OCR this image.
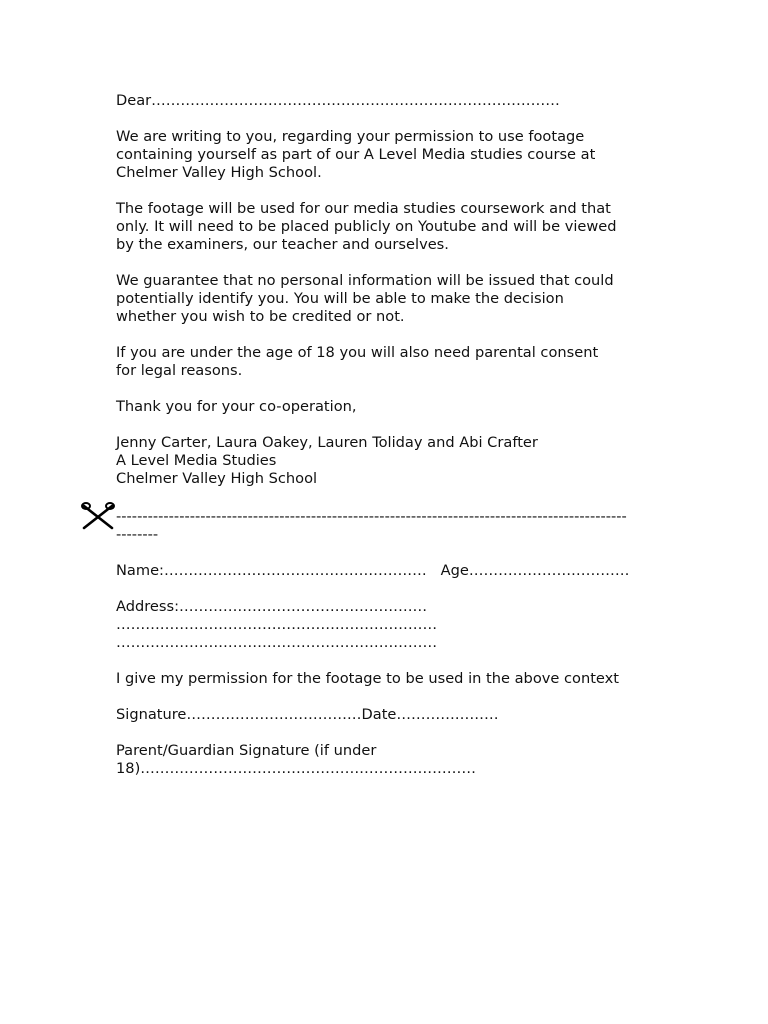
Dear…………………………………………………………………………
We are writing to you, regarding your permission to use footage
containing yourself as part of our A Level Media studies course at
Chelmer Valley High School.
The footage will be used for our media studies coursework and that
only. It will need to be placed publicly on Youtube and will be viewed
by the examiners, our teacher and ourselves.
We guarantee that no personal information will be issued that could
potentially identify you. You will be able to make the decision
whether you wish to be credited or not.
If you are under the age of 18 you will also need parental consent
for legal reasons.
Thank you for your co-operation,
Jenny Carter, Laura Oakey, Lauren Toliday and Abi Crafter
A Level Media Studies
Chelmer Valley High School
-------------------------------------------------------------------------------------------------
--------
Name:……………………………………………… Age……………………………
Address:……………………………………………
…………………………………………………………
…………………………………………………………
I give my permission for the footage to be used in the above context
Signature………………………………Date…………………
Parent/Guardian Signature (if under
18)……………………………………………………………
